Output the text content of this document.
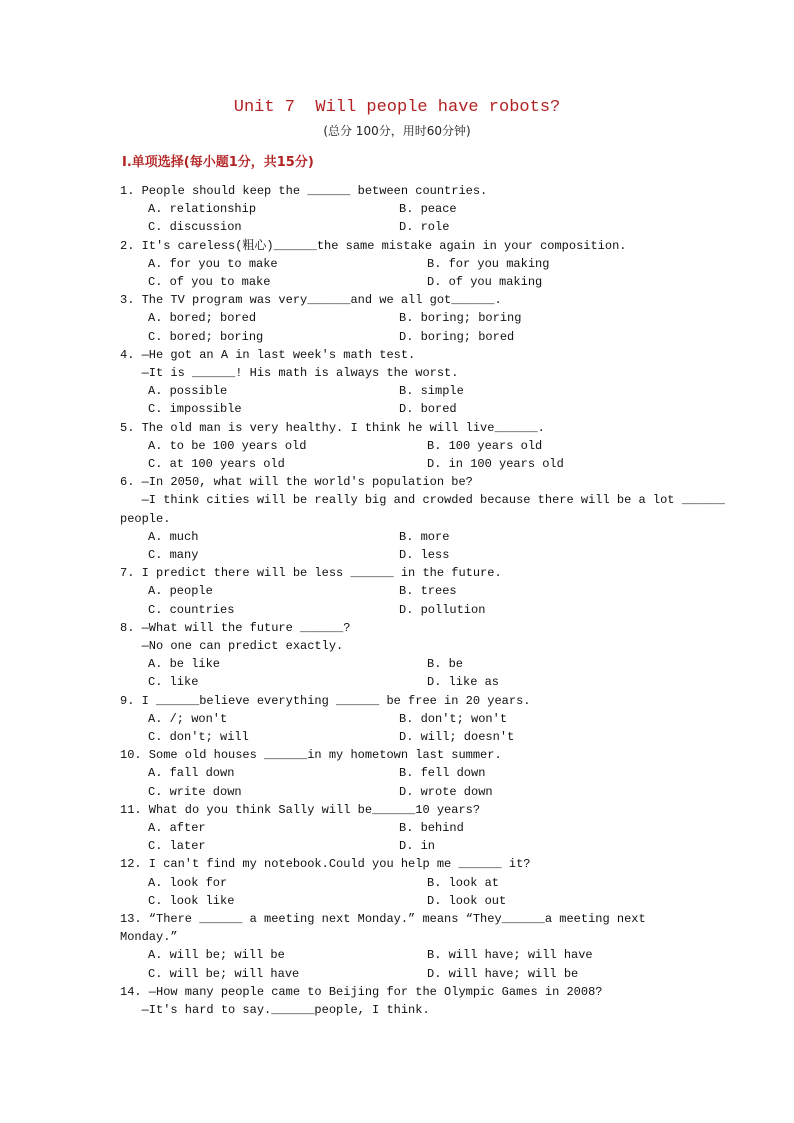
Unit 7  Will people have robots?
(总分 100分，用时60分钟)
Ⅰ.单项选择(每小题1分，共15分)
1. People should keep the ______ between countries.
A. relationship	B. peace
C. discussion	D. role
2. It's careless(粗心)______the same mistake again in your composition.
A. for you to make	B. for you making
C. of you to make	D. of you making
3. The TV program was very______and we all got______.
A. bored; bored	B. boring; boring
C. bored; boring	D. boring; bored
4. —He got an A in last week's math test.
—It is ______! His math is always the worst.
A. possible	B. simple
C. impossible	D. bored
5. The old man is very healthy. I think he will live______.
A. to be 100 years old	B. 100 years old
C. at 100 years old	D. in 100 years old
6. —In 2050, what will the world's population be?
—I think cities will be really big and crowded because there will be a lot ______
people.
A. much	B. more
C. many	D. less
7. I predict there will be less ______ in the future.
A. people	B. trees
C. countries	D. pollution
8. —What will the future ______?
—No one can predict exactly.
A. be like	B. be
C. like	D. like as
9. I ______believe everything ______ be free in 20 years.
A. /; won't	B. don't; won't
C. don't; will	D. will; doesn't
10. Some old houses ______in my hometown last summer.
A. fall down	B. fell down
C. write down	D. wrote down
11. What do you think Sally will be______10 years?
A. after	B. behind
C. later	D. in
12. I can't find my notebook.Could you help me ______ it?
A. look for	B. look at
C. look like	D. look out
13. “There ______ a meeting next Monday.” means “They______a meeting next
Monday.”
A. will be; will be	B. will have; will have
C. will be; will have	D. will have; will be
14. —How many people came to Beijing for the Olympic Games in 2008?
—It's hard to say.______people, I think.
